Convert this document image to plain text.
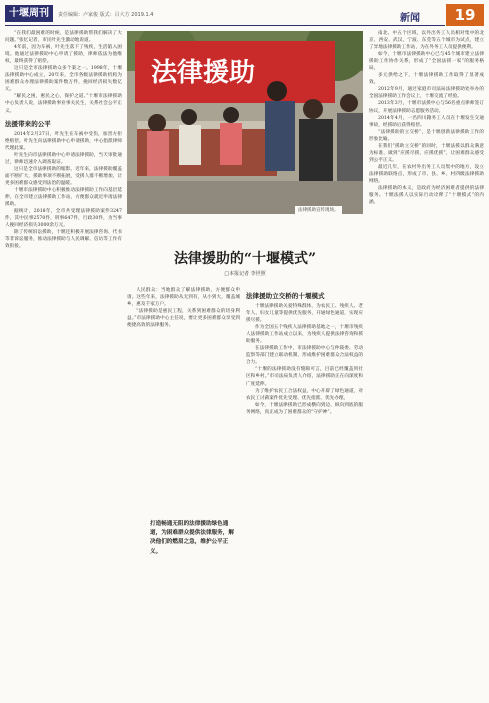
十堰周刊	责任编辑：卢家俊 版式：吕大方 2019.1.4	新闻	19

“在我们最困难的时候，是法律援助帮我们解决了大问题。”张忆记者，市民叶先生激动地说道。

4年前，因为车祸，叶先生落下了残疾，生活陷入困境。他通过法律援助中心申请了援助，律师依法为他维权，最终获得了赔偿。

这只是全市法律援助众多个案之一。1998年，十堰法律援助中心成立，20年来，全市各级法律援助机构为困难群众办理法律援助案件数万件，挽回经济损失数亿元。

“解民之困，惠民之心，保护之道。”十堰市法律援助中心负责人说，法律援助事业事关民生，关系社会公平正义。

法援带来的公平

2014年2月27日，叶先生在车祸中受伤，加害方拒绝赔偿。叶先生向法律援助中心申请援助，中心指派律师代理此案。

叶先生向市法律援助中心申请法律援助，当天审批通过，律师迅速介入调查取证。

这只是全市法律援助的缩影。近年来，法律援助覆盖面不断扩大，援助事项不断拓展，受援人群不断增加，让更多困难群众感受到法治的温暖。

十堰市法律援助中心积极推动法律援助工作向基层延伸，在全市建立法律援助工作站，方便群众就近申请法律援助。

据统计，2018年，全市共受理法律援助案件3247件，其中民事2570件，刑事647件，行政30件，为当事人挽回经济损失3000余万元。

除了传统诉讼援助，十堰还积极开展法律咨询、代书等非诉讼服务，推动法律援助与人民调解、信访等工作有效衔接。

法律援助
法律援助宣传现场。
法律援助的“十堰模式”
□本报记者 李世照

人民群众：当地群众了解法律援助，方便群众申请。这些年来，法律援助从无到有，从小到大，覆盖城乡，惠及千家万户。

“法律援助是惠民工程，关系到困难群众的切身利益。”市法律援助中心主任说，要让更多困难群众享受到便捷高效的法律服务。

打造畅通无阻的法律援助绿色通道，为困难群众提供法律服务，解决他们的燃眉之急，维护公平正义。
法律援助立交桥的十堰模式

十堰法律援助关爱特殊群体，为农民工、残疾人、老年人、妇女儿童等提供优先服务，开通绿色通道，实现应援尽援。

作为全国五个残疾人法律援助基地之一，十堰市残疾人法律援助工作站成立以来，为残疾人提供法律咨询和援助服务。

在法律援助工作中，市法律援助中心与仲裁委、劳动监察等部门建立联动机制，形成维护困难群众合法权益的合力。

“十堰的法律援助没有缝隙可言，目前已经覆盖到社区和乡村。”市司法局负责人介绍，法律援助正在向深度和广度延伸。

为了维护农民工合法权益，中心开辟了绿色通道，对农民工讨薪案件优先受理、优先指派、优先办理。

如今，十堰法律援助已形成横向到边、纵向到底的服务网络，真正成为了困难群众的“守护神”。

南北、中五个区域，以外出务工人员相对集中的北京、西安、武汉、宁波、东莞等五个城市为试点，建立了异地法律援助工作站，为在外务工人员提供便利。

如今，十堰市法律援助中心已与45个城市建立法律援助工作协作关系，形成了“全国法援一家”的服务格局。

多元供给之下，十堰法律援助工作取得了显著成效。

2012年9月，通过家庭市司法局法律援助处举办的全国法律援助工作会议上，十堰交流了经验。

2013年3月，十堰市法援中心与56名重点律师签订协议，开展法律援助志愿服务活动。

2014年4月，一名四川籍务工人员在十堰发生交通事故，经援助后获得赔偿。

“法律援助的立交桥”，是十堰创新法律援助工作的形象比喻。

在我们“援助立交桥”的同时，十堰法援以群众满意为标准，做到“应援尽援、应援优援”，让困难群众感受到公平正义。

最近几年，在农村外出务工人员集中的地方，设立法律援助联络点，形成了市、县、乡、村四级法律援助网络。

法律援助的本义，是政府为经济困难者提供的法律服务。十堰法援人以实际行动诠释了“十堰模式”的内涵。
